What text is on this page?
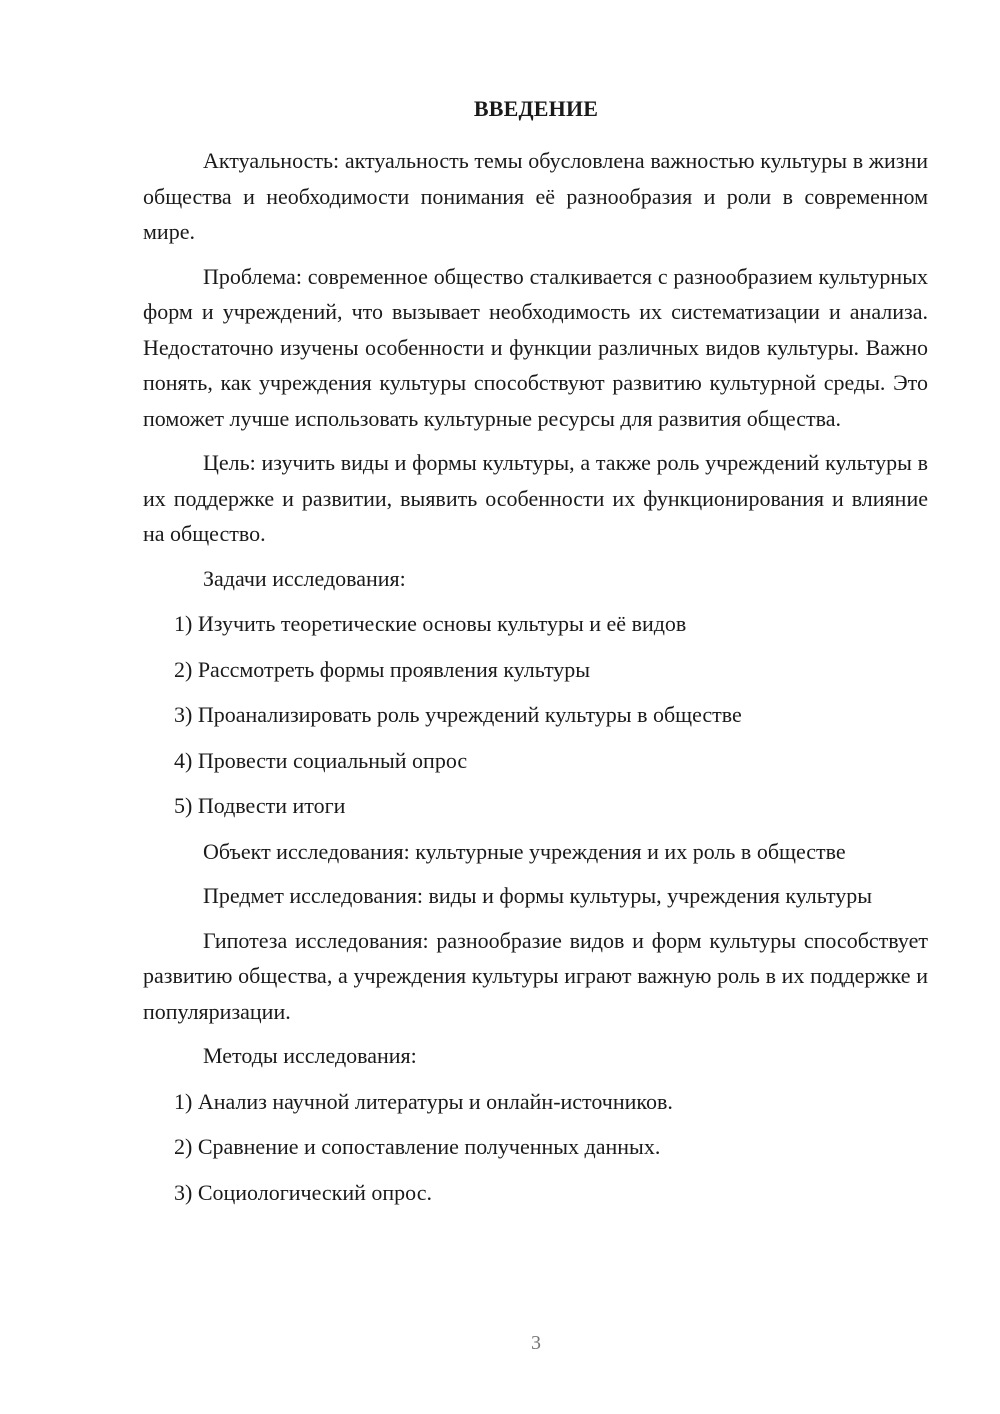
ВВЕДЕНИЕ

Актуальность: актуальность темы обусловлена важностью культуры в жизни общества и необходимости понимания её разнообразия и роли в современном мире.

Проблема: современное общество сталкивается с разнообразием культурных форм и учреждений, что вызывает необходимость их систематизации и анализа. Недостаточно изучены особенности и функции различных видов культуры. Важно понять, как учреждения культуры способствуют развитию культурной среды. Это поможет лучше использовать культурные ресурсы для развития общества.

Цель: изучить виды и формы культуры, а также роль учреждений культуры в их поддержке и развитии, выявить особенности их функционирования и влияние на общество.

Задачи исследования:

1) Изучить теоретические основы культуры и её видов

2) Рассмотреть формы проявления культуры

3) Проанализировать роль учреждений культуры в обществе

4) Провести социальный опрос

5) Подвести итоги

Объект исследования: культурные учреждения и их роль в обществе

Предмет исследования: виды и формы культуры, учреждения культуры

Гипотеза исследования: разнообразие видов и форм культуры способствует развитию общества, а учреждения культуры играют важную роль в их поддержке и популяризации.

Методы исследования:

1) Анализ научной литературы и онлайн-источников.

2) Сравнение и сопоставление полученных данных.

3) Социологический опрос.

3
